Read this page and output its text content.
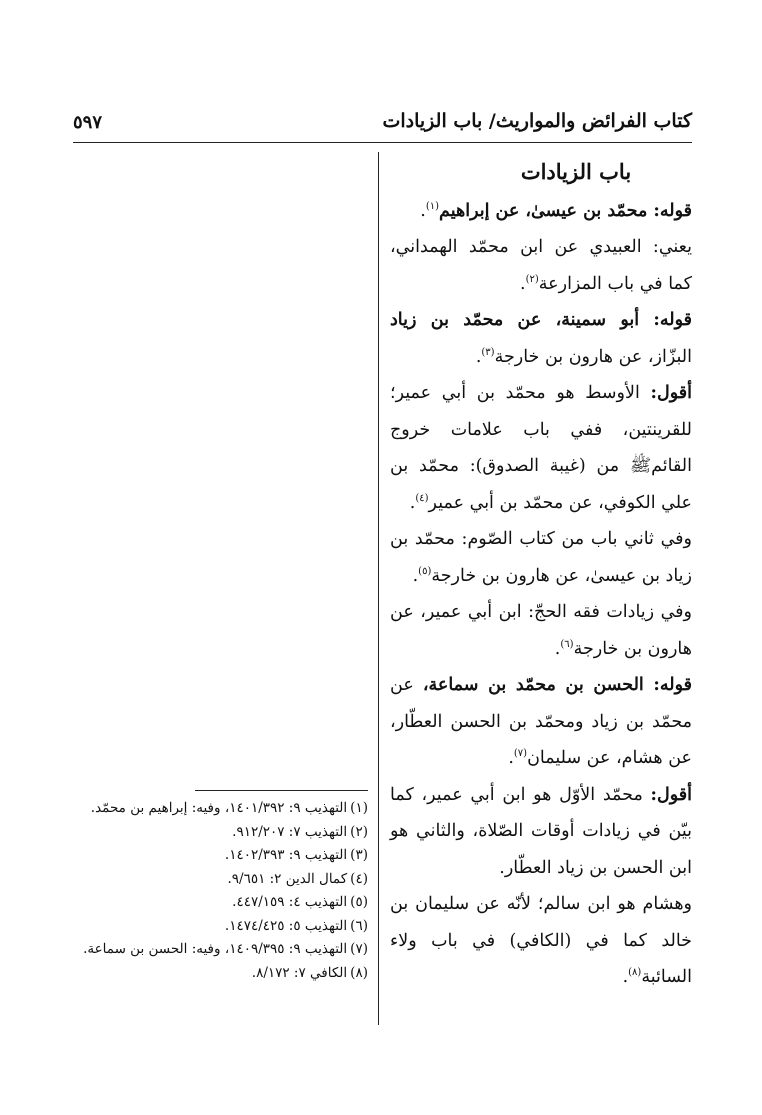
٥٩٧	كتاب الفرائض والمواريث/ باب الزيادات
باب الزيادات

قوله: محمّد بن عيسىٰ، عن إبراهيم$^{(١)}$.

يعني: العبيدي عن ابن محمّد الهمداني، كما في باب المزارعة$^{(٢)}$.

قوله: أبو سمينة، عن محمّد بن زياد البزّاز، عن هارون بن خارجة$^{(٣)}$.

أقول: الأوسط هو محمّد بن أبي عمير؛ للقرينتين، ففي باب علامات خروج القائمﷺ من (غيبة الصدوق): محمّد بن علي الكوفي، عن محمّد بن أبي عمير$^{(٤)}$.

وفي ثاني باب من كتاب الصّوم: محمّد بن زياد بن عيسىٰ، عن هارون بن خارجة$^{(٥)}$.

وفي زيادات فقه الحجّ: ابن أبي عمير، عن هارون بن خارجة$^{(٦)}$.

قوله: الحسن بن محمّد بن سماعة، عن محمّد بن زياد ومحمّد بن الحسن العطّار، عن هشام، عن سليمان$^{(٧)}$.

أقول: محمّد الأوّل هو ابن أبي عمير، كما بيّن في زيادات أوقات الصّلاة، والثاني هو ابن الحسن بن زياد العطّار.

وهشام هو ابن سالم؛ لأنّه عن سليمان بن خالد كما في (الكافي) في باب ولاء السائبة$^{(٨)}$.

(١)التهذيب ٩: ١٤٠١/٣٩٢، وفيه: إبراهيم بن محمّد.

(٢)التهذيب ٧: ٩١٢/٢٠٧.

(٣)التهذيب ٩: ١٤٠٢/٣٩٣.

(٤)كمال الدين ٢: ٩/٦٥١.

(٥)التهذيب ٤: ٤٤٧/١٥٩.

(٦)التهذيب ٥: ١٤٧٤/٤٢٥.

(٧)التهذيب ٩: ١٤٠٩/٣٩٥، وفيه: الحسن بن سماعة.

(٨)الكافي ٧: ٨/١٧٢.
